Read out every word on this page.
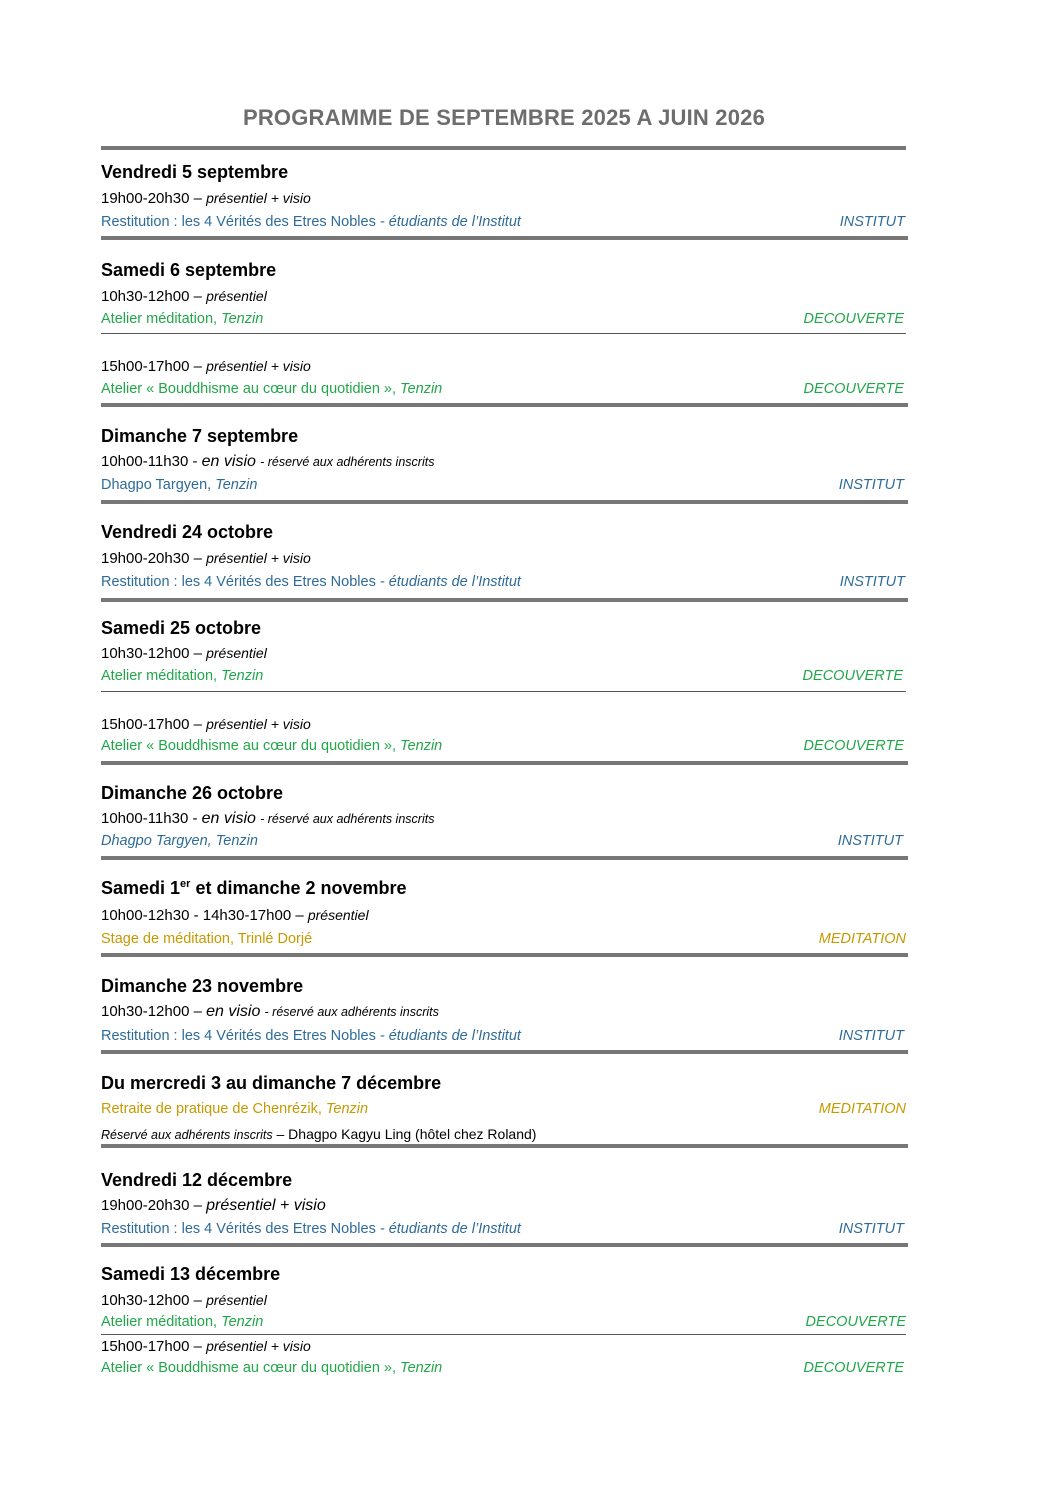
PROGRAMME DE SEPTEMBRE 2025 A JUIN 2026
Vendredi 5 septembre
19h00-20h30 – présentiel + visio
Restitution : les 4 Vérités des Etres Nobles - étudiants de l’Institut	INSTITUT
Samedi 6 septembre
10h30-12h00 – présentiel
Atelier méditation, Tenzin	DECOUVERTE
15h00-17h00 – présentiel + visio
Atelier « Bouddhisme au cœur du quotidien », Tenzin	DECOUVERTE
Dimanche 7 septembre
10h00-11h30 - en visio - réservé aux adhérents inscrits
Dhagpo Targyen, Tenzin	INSTITUT
Vendredi 24 octobre
19h00-20h30 – présentiel + visio
Restitution : les 4 Vérités des Etres Nobles - étudiants de l’Institut	INSTITUT
Samedi 25 octobre
10h30-12h00 – présentiel
Atelier méditation, Tenzin	DECOUVERTE
15h00-17h00 – présentiel + visio
Atelier « Bouddhisme au cœur du quotidien », Tenzin	DECOUVERTE
Dimanche 26 octobre
10h00-11h30 - en visio - réservé aux adhérents inscrits
Dhagpo Targyen, Tenzin	INSTITUT
Samedi 1er et dimanche 2 novembre
10h00-12h30 - 14h30-17h00 – présentiel
Stage de méditation, Trinlé Dorjé	MEDITATION
Dimanche 23 novembre
10h30-12h00 – en visio - réservé aux adhérents inscrits
Restitution : les 4 Vérités des Etres Nobles - étudiants de l’Institut	INSTITUT
Du mercredi 3 au dimanche 7 décembre
Retraite de pratique de Chenrézik, Tenzin	MEDITATION
Réservé aux adhérents inscrits – Dhagpo Kagyu Ling (hôtel chez Roland)
Vendredi 12 décembre
19h00-20h30 – présentiel + visio
Restitution : les 4 Vérités des Etres Nobles - étudiants de l’Institut	INSTITUT
Samedi 13 décembre
10h30-12h00 – présentiel
Atelier méditation, Tenzin	DECOUVERTE
15h00-17h00 – présentiel + visio
Atelier « Bouddhisme au cœur du quotidien », Tenzin	DECOUVERTE
